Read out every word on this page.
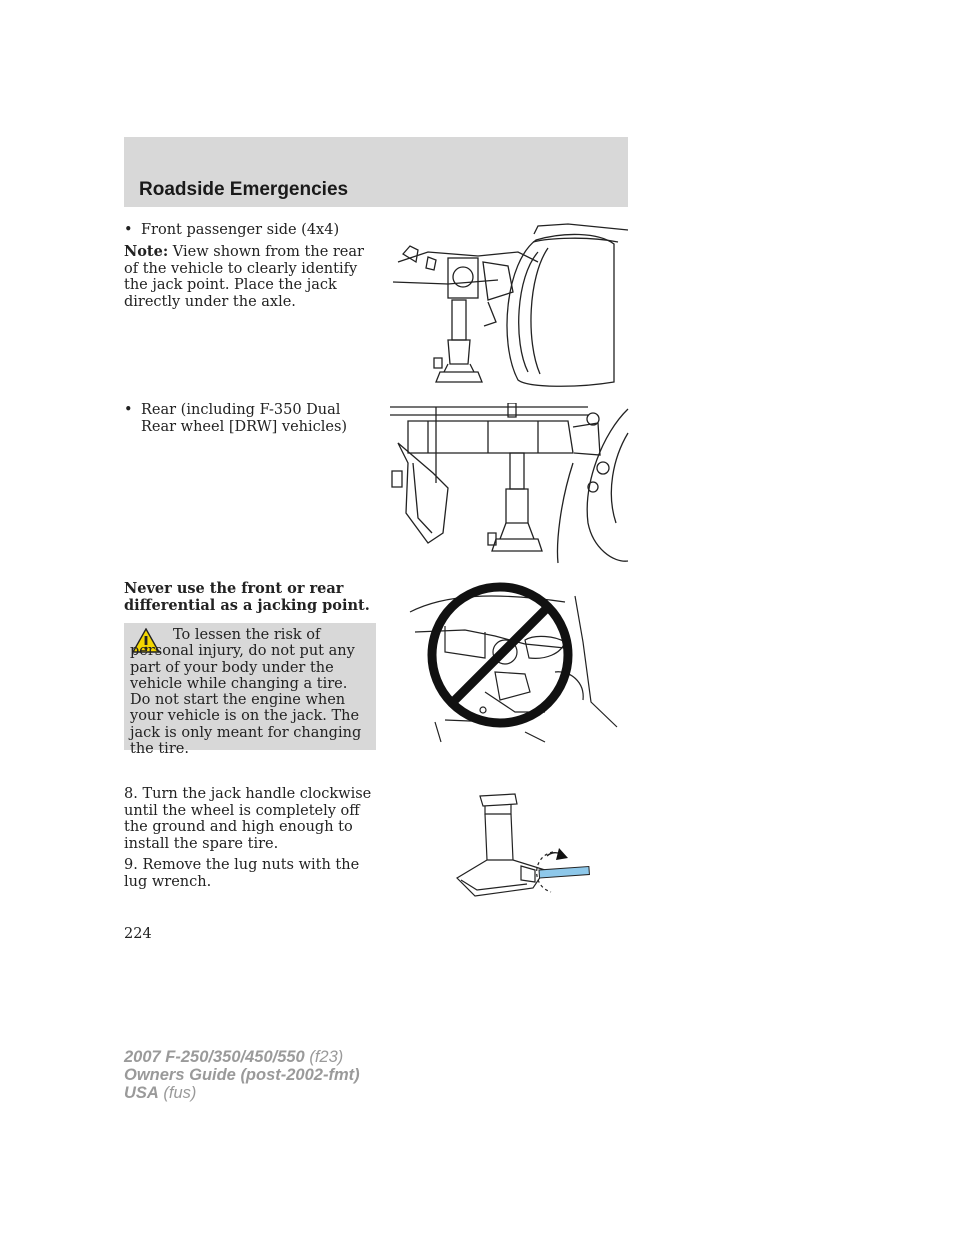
Roadside Emergencies
• Front passenger side (4x4)

Note: View shown from the rear of the vehicle to clearly identify the jack point. Place the jack directly under the axle.

• Rear (including F-350 Dual Rear wheel [DRW] vehicles)

Never use the front or rear differential as a jacking point.

To lessen the risk of personal injury, do not put any part of your body under the vehicle while changing a tire. Do not start the engine when your vehicle is on the jack. The jack is only meant for changing the tire.

8. Turn the jack handle clockwise until the wheel is completely off the ground and high enough to install the spare tire.

9. Remove the lug nuts with the lug wrench.

224

2007 F-250/350/450/550 (f23)
Owners Guide (post-2002-fmt)
USA (fus)
